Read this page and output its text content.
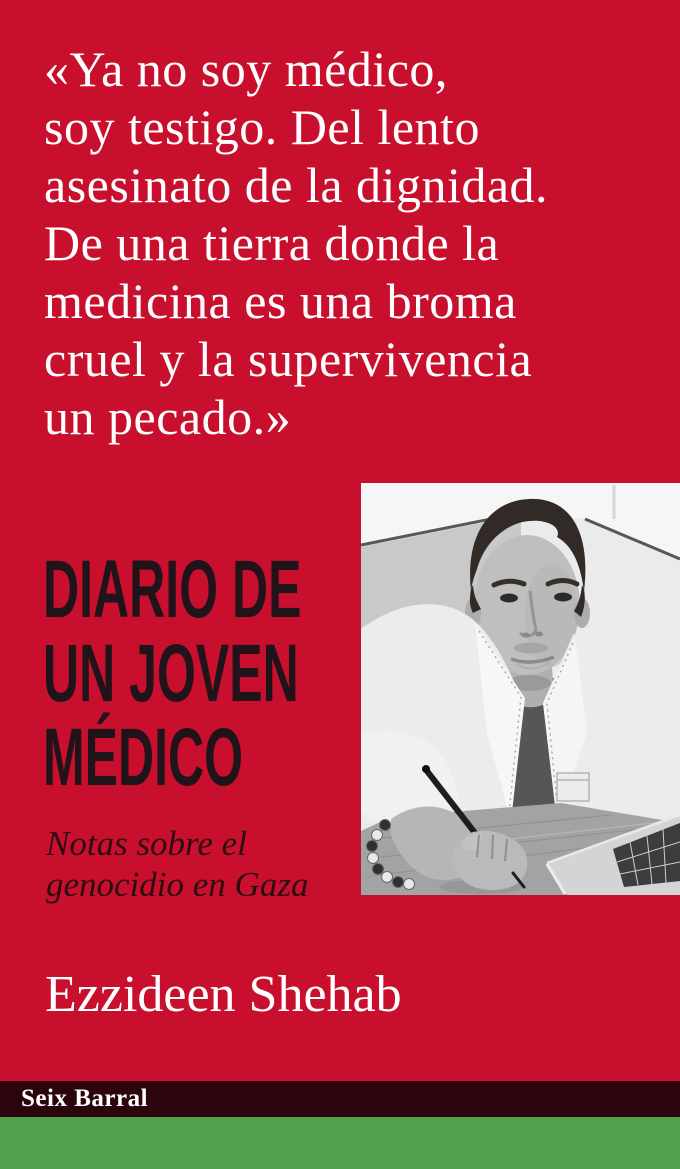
«Ya no soy médico,
soy testigo. Del lento
asesinato de la dignidad.
De una tierra donde la
medicina es una broma
cruel y la supervivencia
un pecado.»
DIARIO DE
UN JOVEN
MÉDICO
Notas sobre el
genocidio en Gaza
Ezzideen Shehab
Seix Barral
